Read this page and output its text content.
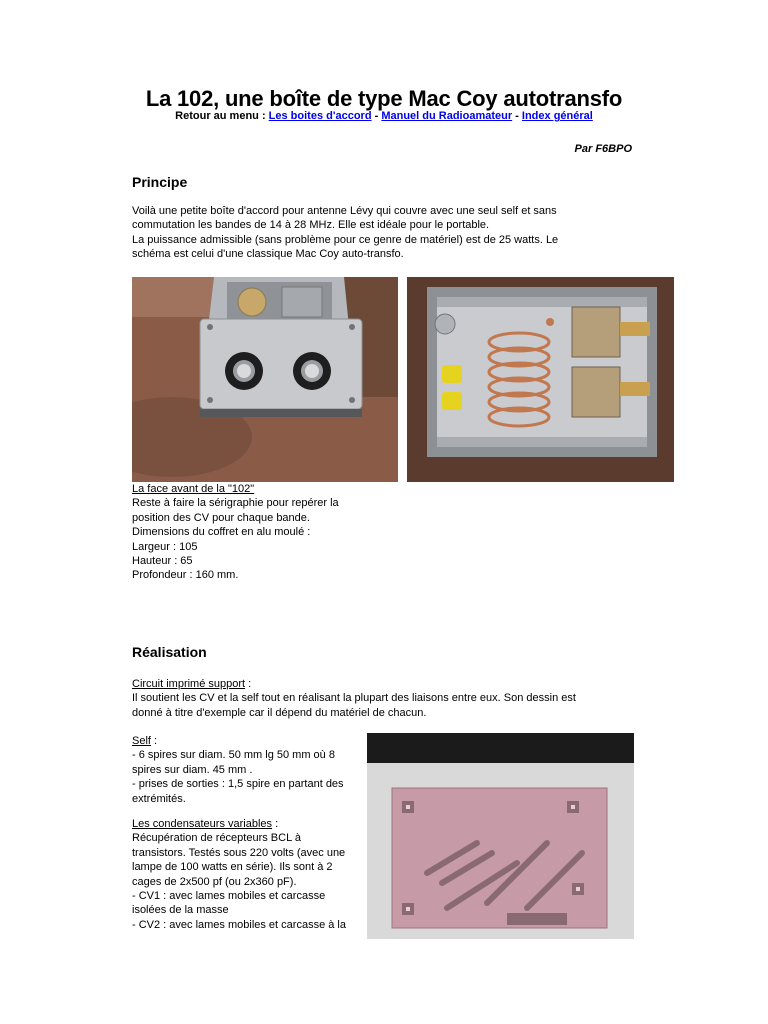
La 102, une boîte de type Mac Coy autotransfo
Retour au menu : Les boites d'accord - Manuel du Radioamateur - Index général
Par F6BPO
Principe
Voilà une petite boîte d'accord pour antenne Lévy qui couvre avec une seul self et sans
commutation les bandes de 14 à 28 MHz. Elle est idéale pour le portable.
La puissance admissible (sans problème pour ce genre de matériel) est de 25 watts. Le
schéma est celui d'une classique Mac Coy auto-transfo.
La face avant de la "102"
Reste à faire la sérigraphie pour repérer la
position des CV pour chaque bande.
Dimensions du coffret en alu moulé :
Largeur : 105
Hauteur : 65
Profondeur : 160 mm.
Réalisation
Circuit imprimé support :
Il soutient les CV et la self tout en réalisant la plupart des liaisons entre eux. Son dessin est
donné à titre d'exemple car il dépend du matériel de chacun.
Self :
- 6 spires sur diam. 50 mm lg 50 mm où 8
spires sur diam. 45 mm .
- prises de sorties : 1,5 spire en partant des
extrémités.
Les condensateurs variables :
Récupération de récepteurs BCL à
transistors. Testés sous 220 volts (avec une
lampe de 100 watts en série). Ils sont à 2
cages de 2x500 pf (ou 2x360 pF).
- CV1 : avec lames mobiles et carcasse
isolées de la masse
- CV2 : avec lames mobiles et carcasse à la
